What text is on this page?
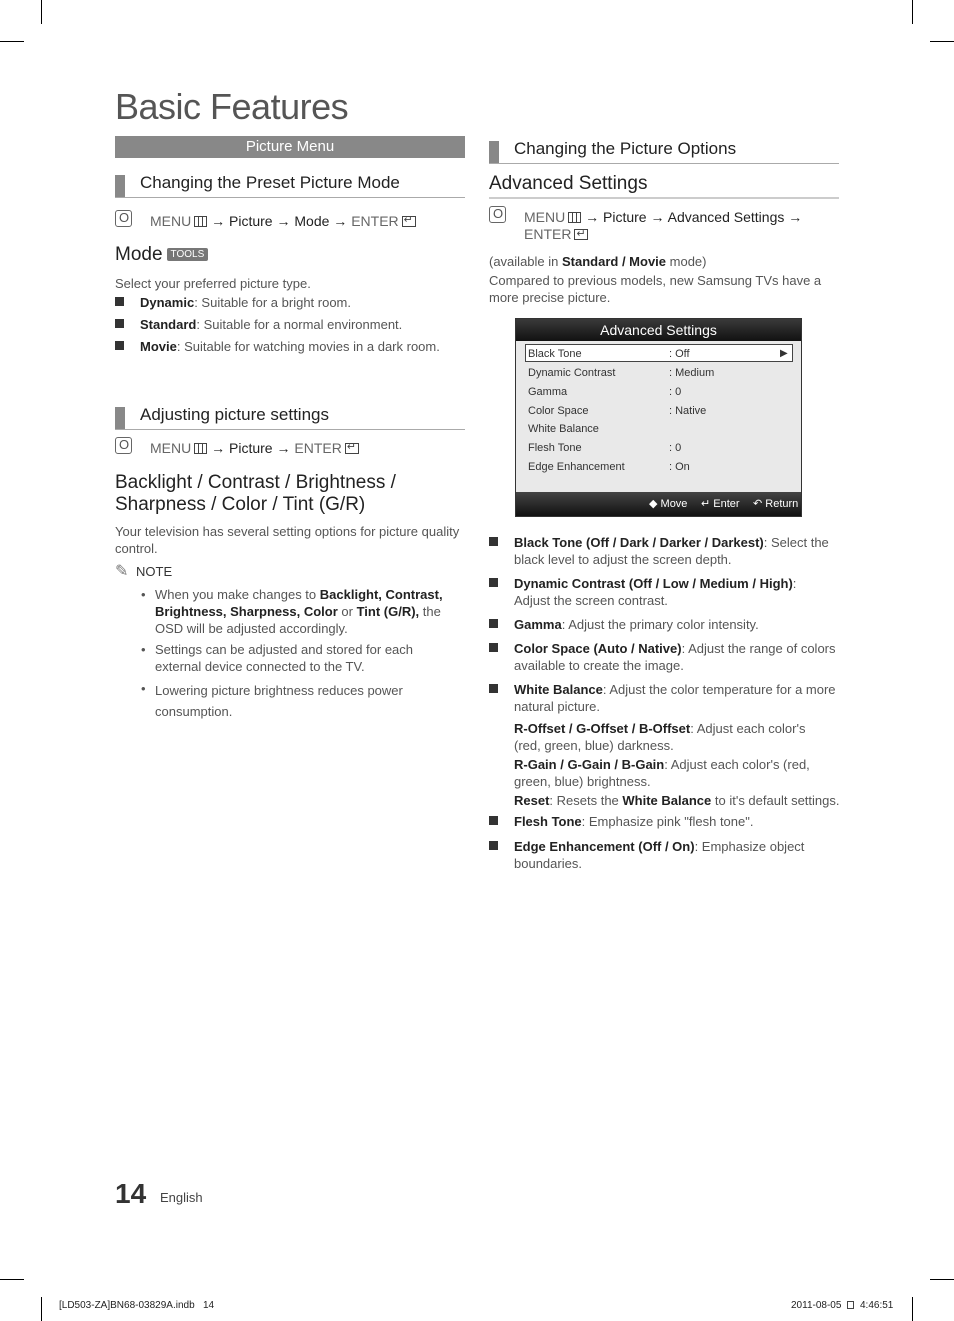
Basic Features
Picture Menu
Changing the Preset Picture Mode
O
MENU → Picture → Mode → ENTER↵
Mode TOOLS
Select your preferred picture type.
Dynamic: Suitable for a bright room.
Standard: Suitable for a normal environment.
Movie: Suitable for watching movies in a dark room.
Adjusting picture settings
O
MENU → Picture → ENTER↵
Backlight / Contrast / Brightness /
Sharpness / Color / Tint (G/R)
Your television has several setting options for picture quality
control.
✎ NOTE
• When you make changes to Backlight, Contrast,
Brightness, Sharpness, Color or Tint (G/R), the
OSD will be adjusted accordingly.
• Settings can be adjusted and stored for each
external device connected to the TV.
• Lowering picture brightness reduces power
consumption.
Changing the Picture Options
Advanced Settings
O
MENU → Picture → Advanced Settings →
ENTER↵
(available in Standard / Movie mode)
Compared to previous models, new Samsung TVs have a
more precise picture.
Advanced Settings
Black Tone	: Off	▶
Dynamic Contrast	: Medium
Gamma	: 0
Color Space	: Native
White Balance
Flesh Tone	: 0
Edge Enhancement	: On
◆ Move ↵ Enter ↶ Return
Black Tone (Off / Dark / Darker / Darkest): Select the
black level to adjust the screen depth.
Dynamic Contrast (Off / Low / Medium / High):
Adjust the screen contrast.
Gamma: Adjust the primary color intensity.
Color Space (Auto / Native): Adjust the range of colors
available to create the image.
White Balance: Adjust the color temperature for a more
natural picture.
R-Offset / G-Offset / B-Offset: Adjust each color's
(red, green, blue) darkness.
R-Gain / G-Gain / B-Gain: Adjust each color's (red,
green, blue) brightness.
Reset: Resets the White Balance to it's default settings.
Flesh Tone: Emphasize pink "flesh tone".
Edge Enhancement (Off / On): Emphasize object
boundaries.
14 English
[LD503-ZA]BN68-03829A.indb   14	2011-08-05 4:46:51
